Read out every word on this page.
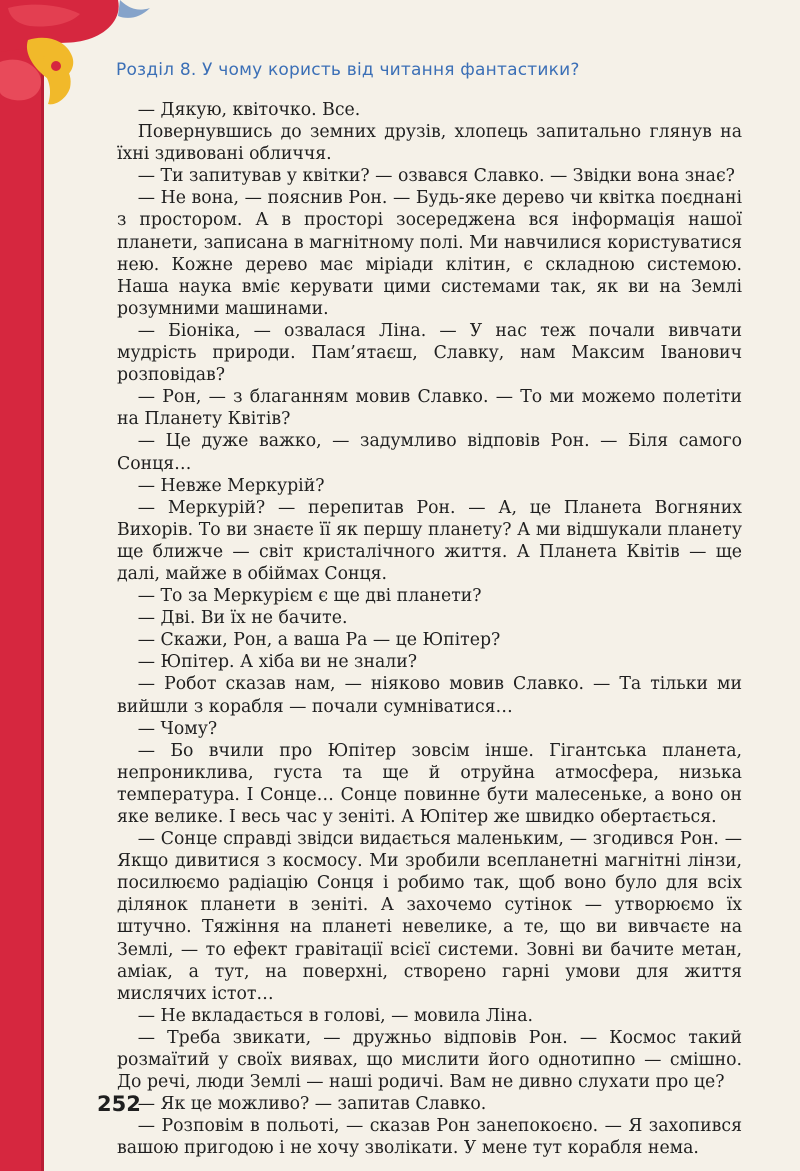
Розділ 8. У чому користь від читання фантастики?

— Дякую, квіточко. Все.

Повернувшись до земних друзів, хлопець запитально глянув на їхні здивовані обличчя.

— Ти запитував у квітки? — озвався Славко. — Звідки вона знає?

— Не вона, — пояснив Рон. — Будь-яке дерево чи квітка поєднані з простором. А в просторі зосереджена вся інформація нашої планети, записана в магнітному полі. Ми навчилися користуватися нею. Кожне дерево має міріади клітин, є складною системою. Наша наука вміє керувати цими системами так, як ви на Землі розумними машинами.

— Біоніка, — озвалася Ліна. — У нас теж почали вивчати мудрість природи. Пам’ятаєш, Славку, нам Максим Іванович розповідав?

— Рон, — з благанням мовив Славко. — То ми можемо полетіти на Планету Квітів?

— Це дуже важко, — задумливо відповів Рон. — Біля самого Сонця…

— Невже Меркурій?

— Меркурій? — перепитав Рон. — А, це Планета Вогняних Вихорів. То ви знаєте її як першу планету? А ми відшукали планету ще ближче — світ кристалічного життя. А Планета Квітів — ще далі, майже в обіймах Сонця.

— То за Меркурієм є ще дві планети?

— Дві. Ви їх не бачите.

— Скажи, Рон, а ваша Ра — це Юпітер?

— Юпітер. А хіба ви не знали?

— Робот сказав нам, — ніяково мовив Славко. — Та тільки ми вийшли з корабля — почали сумніватися…

— Чому?

— Бо вчили про Юпітер зовсім інше. Гігантська планета, непрониклива, густа та ще й отруйна атмосфера, низька температура. І Сонце… Сонце повинне бути малесеньке, а воно он яке велике. І весь час у зеніті. А Юпітер же швидко обертається.

— Сонце справді звідси видається маленьким, — згодився Рон. — Якщо дивитися з космосу. Ми зробили всепланетні магнітні лінзи, посилюємо радіацію Сонця і робимо так, щоб воно було для всіх ділянок планети в зеніті. А захочемо сутінок — утворюємо їх штучно. Тяжіння на планеті невелике, а те, що ви вивчаєте на Землі, — то ефект гравітації всієї системи. Зовні ви бачите метан, аміак, а тут, на поверхні, створено гарні умови для життя мислячих істот…

— Не вкладається в голові, — мовила Ліна.

— Треба звикати, — дружньо відповів Рон. — Космос такий розмаїтий у своїх виявах, що мислити його однотипно — смішно. До речі, люди Землі — наші родичі. Вам не дивно слухати про це?

— Як це можливо? — запитав Славко.

— Розповім в польоті, — сказав Рон занепокоєно. — Я захопився вашою пригодою і не хочу зволікати. У мене тут корабля нема.

252
